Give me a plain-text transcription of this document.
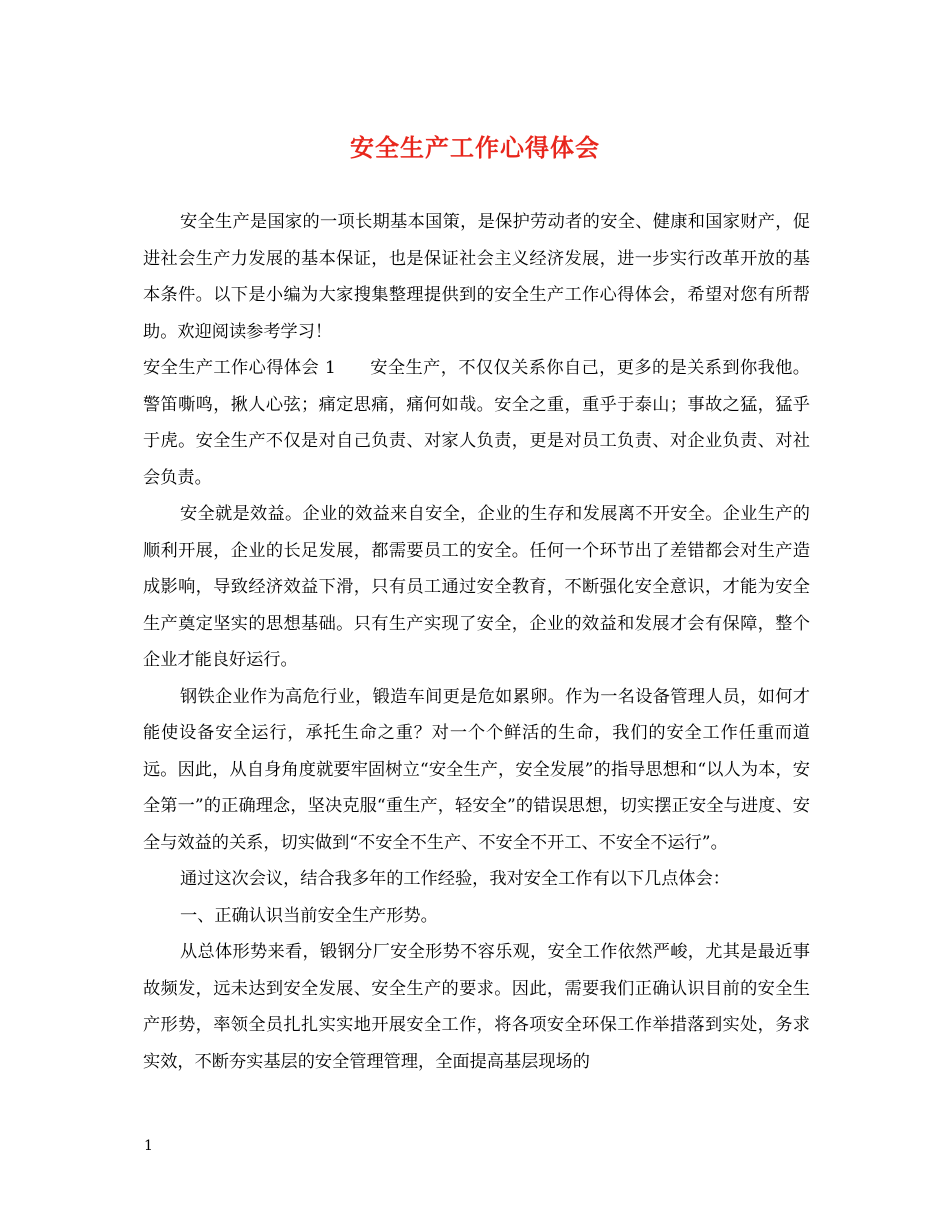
安全生产工作心得体会

安全生产是国家的一项长期基本国策，是保护劳动者的安全、健康和国家财产，促进社会生产力发展的基本保证，也是保证社会主义经济发展，进一步实行改革开放的基本条件。以下是小编为大家搜集整理提供到的安全生产工作心得体会，希望对您有所帮助。欢迎阅读参考学习！

安全生产工作心得体会 1 安全生产，不仅仅关系你自己，更多的是关系到你我他。警笛嘶鸣，揪人心弦；痛定思痛，痛何如哉。安全之重，重乎于泰山；事故之猛，猛乎于虎。安全生产不仅是对自己负责、对家人负责，更是对员工负责、对企业负责、对社会负责。

安全就是效益。企业的效益来自安全，企业的生存和发展离不开安全。企业生产的顺利开展，企业的长足发展，都需要员工的安全。任何一个环节出了差错都会对生产造成影响，导致经济效益下滑，只有员工通过安全教育，不断强化安全意识，才能为安全生产奠定坚实的思想基础。只有生产实现了安全，企业的效益和发展才会有保障，整个企业才能良好运行。

钢铁企业作为高危行业，锻造车间更是危如累卵。作为一名设备管理人员，如何才能使设备安全运行，承托生命之重？对一个个鲜活的生命，我们的安全工作任重而道远。因此，从自身角度就要牢固树立“安全生产，安全发展”的指导思想和“以人为本，安全第一”的正确理念，坚决克服“重生产，轻安全”的错误思想，切实摆正安全与进度、安全与效益的关系，切实做到“不安全不生产、不安全不开工、不安全不运行”。

通过这次会议，结合我多年的工作经验，我对安全工作有以下几点体会：

一、正确认识当前安全生产形势。

从总体形势来看，锻钢分厂安全形势不容乐观，安全工作依然严峻，尤其是最近事故频发，远未达到安全发展、安全生产的要求。因此，需要我们正确认识目前的安全生产形势，率领全员扎扎实实地开展安全工作，将各项安全环保工作举措落到实处，务求实效，不断夯实基层的安全管理管理，全面提高基层现场的

1
